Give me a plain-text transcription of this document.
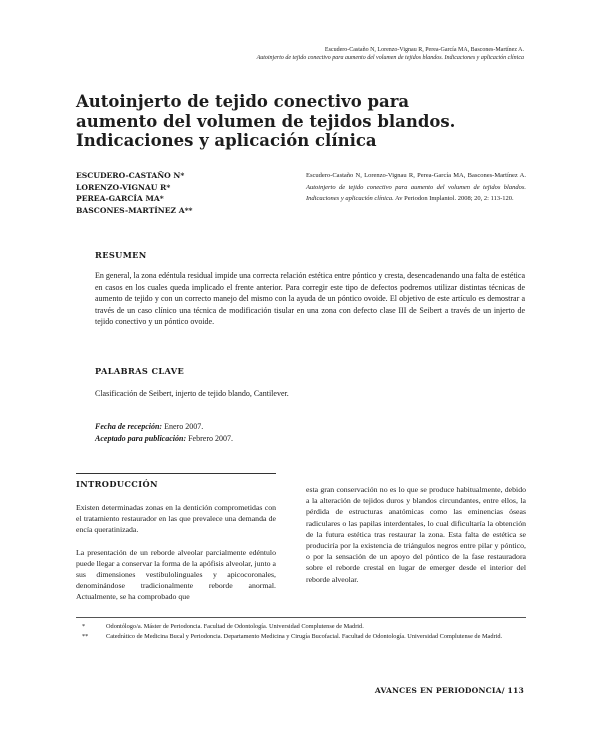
Escudero-Castaño N, Lorenzo-Vignau R, Perea-García MA, Bascones-Martínez A.
Autoinjerto de tejido conectivo para aumento del volumen de tejidos blandos. Indicaciones y aplicación clínica
Autoinjerto de tejido conectivo para aumento del volumen de tejidos blandos. Indicaciones y aplicación clínica
ESCUDERO-CASTAÑO N*
LORENZO-VIGNAU R*
PEREA-GARCÍA MA*
BASCONES-MARTÍNEZ A**
Escudero-Castaño N, Lorenzo-Vignau R, Perea-García MA, Bascones-Martínez A. Autoinjerto de tejido conectivo para aumento del volumen de tejidos blandos. Indicaciones y aplicación clínica. Av Periodon Implantol. 2008; 20, 2: 113-120.
RESUMEN
En general, la zona edéntula residual impide una correcta relación estética entre póntico y cresta, desencadenando una falta de estética en casos en los cuales queda implicado el frente anterior. Para corregir este tipo de defectos podremos utilizar distintas técnicas de aumento de tejido y con un correcto manejo del mismo con la ayuda de un póntico ovoide. El objetivo de este artículo es demostrar a través de un caso clínico una técnica de modificación tisular en una zona con defecto clase III de Seibert a través de un injerto de tejido conectivo y un póntico ovoide.
PALABRAS CLAVE
Clasificación de Seibert, injerto de tejido blando, Cantilever.
Fecha de recepción: Enero 2007.
Aceptado para publicación: Febrero 2007.
INTRODUCCIÓN

Existen determinadas zonas en la dentición comprometidas con el tratamiento restaurador en las que prevalece una demanda de encía queratinizada.

La presentación de un reborde alveolar parcialmente edéntulo puede llegar a conservar la forma de la apófisis alveolar, junto a sus dimensiones vestibulolinguales y apicocoronales, denominándose tradicionalmente reborde anormal. Actualmente, se ha comprobado que

esta gran conservación no es lo que se produce habitualmente, debido a la alteración de tejidos duros y blandos circundantes, entre ellos, la pérdida de estructuras anatómicas como las eminencias óseas radiculares o las papilas interdentales, lo cual dificultaría la obtención de la futura estética tras restaurar la zona. Esta falta de estética se produciría por la existencia de triángulos negros entre pilar y póntico, o por la sensación de un apoyo del póntico de la fase restauradora sobre el reborde crestal en lugar de emerger desde el interior del reborde alveolar.

*	Odontólogo/a. Máster de Periodoncia. Facultad de Odontología. Universidad Complutense de Madrid.
**	Catedrático de Medicina Bucal y Periodoncia. Departamento Medicina y Cirugía Bucofacial. Facultad de Odontología. Universidad Complutense de Madrid.
AVANCES EN PERIODONCIA/ 113
